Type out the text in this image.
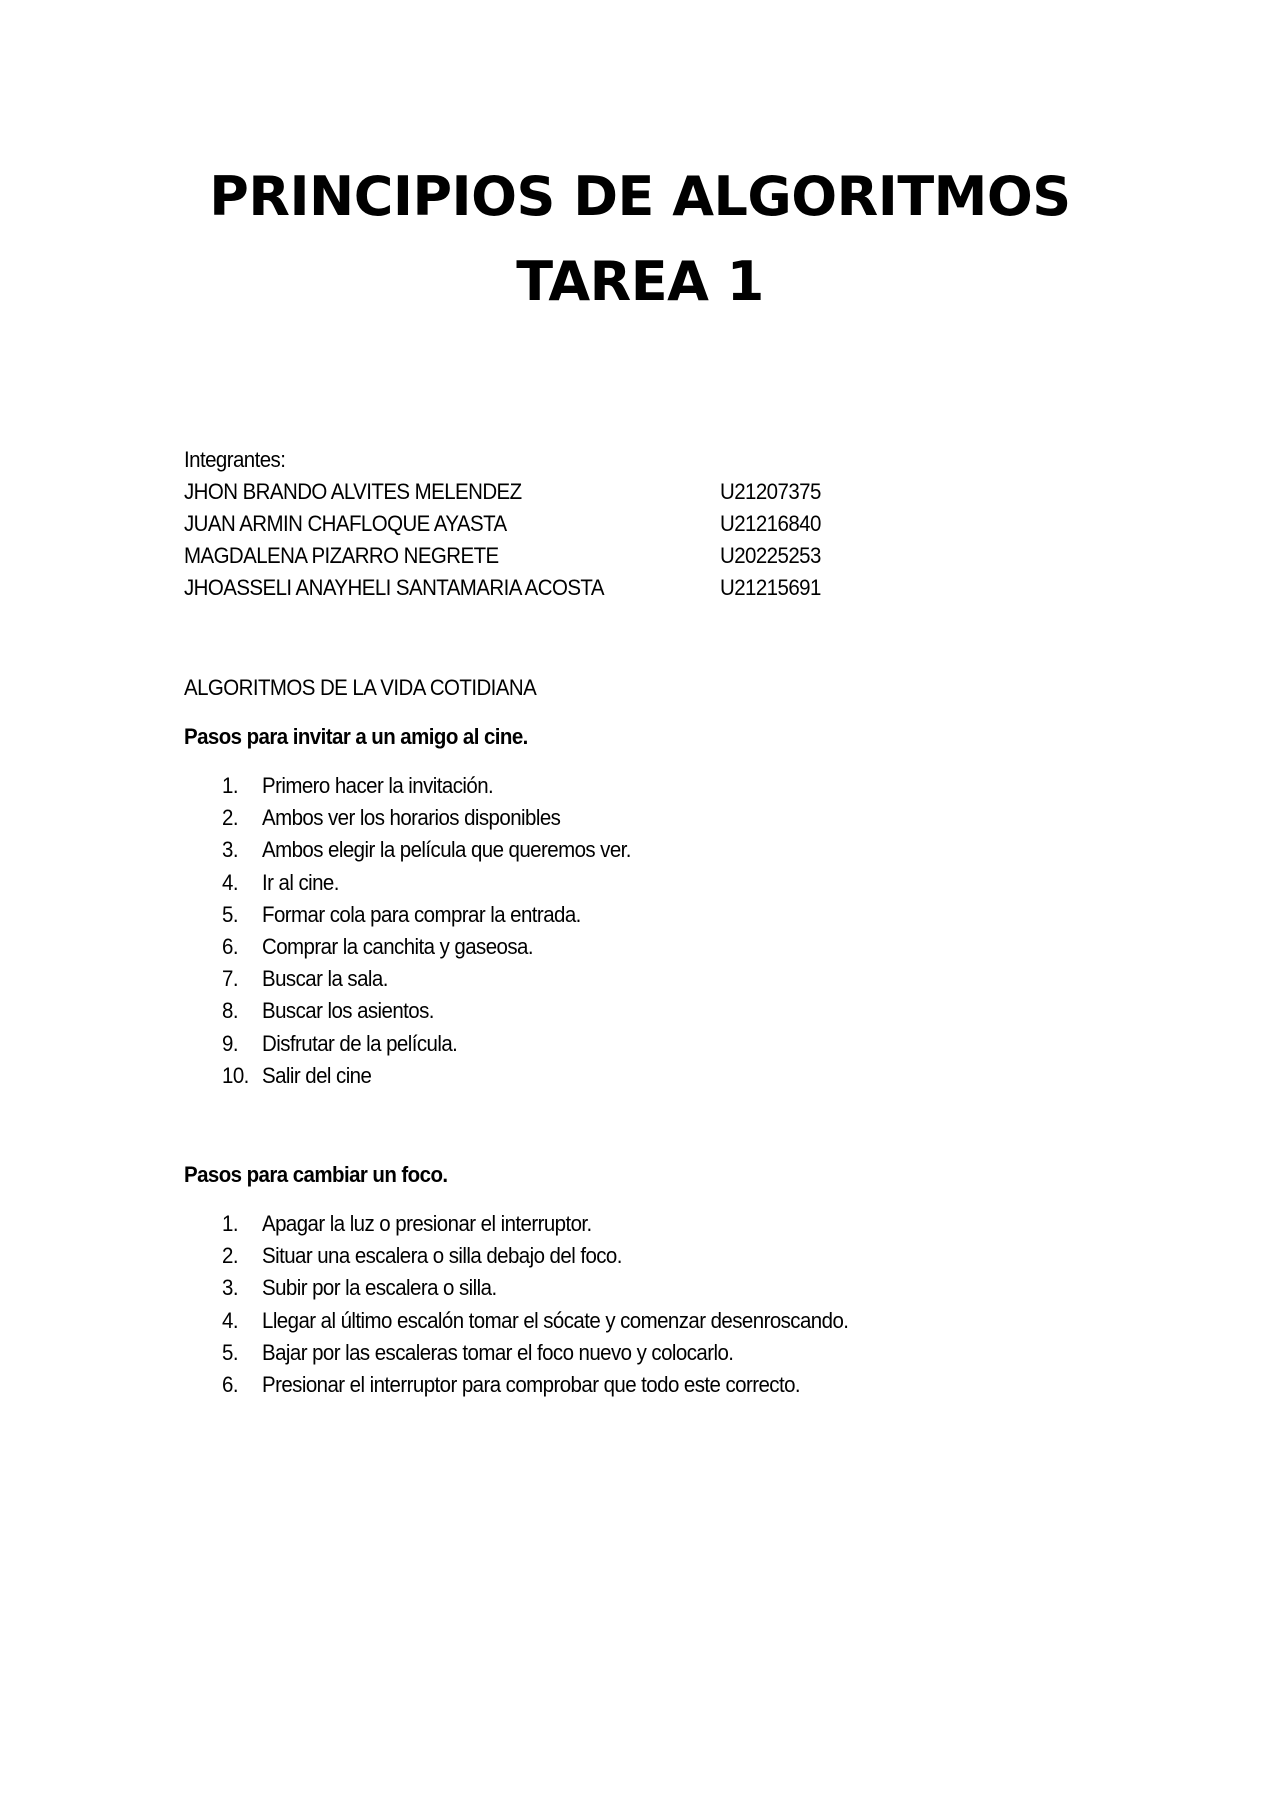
PRINCIPIOS DE ALGORITMOS
TAREA 1
Integrantes:
JHON BRANDO ALVITES MELENDEZ	U21207375
JUAN ARMIN CHAFLOQUE AYASTA	U21216840
MAGDALENA PIZARRO NEGRETE	U20225253
JHOASSELI ANAYHELI SANTAMARIA ACOSTA	U21215691
ALGORITMOS DE LA VIDA COTIDIANA
Pasos para invitar a un amigo al cine.
1. Primero hacer la invitación.
2. Ambos ver los horarios disponibles
3. Ambos elegir la película que queremos ver.
4. Ir al cine.
5. Formar cola para comprar la entrada.
6. Comprar la canchita y gaseosa.
7. Buscar la sala.
8. Buscar los asientos.
9. Disfrutar de la película.
10. Salir del cine
Pasos para cambiar un foco.
1. Apagar la luz o presionar el interruptor.
2. Situar una escalera o silla debajo del foco.
3. Subir por la escalera o silla.
4. Llegar al último escalón tomar el sócate y comenzar desenroscando.
5. Bajar por las escaleras tomar el foco nuevo y colocarlo.
6. Presionar el interruptor para comprobar que todo este correcto.
